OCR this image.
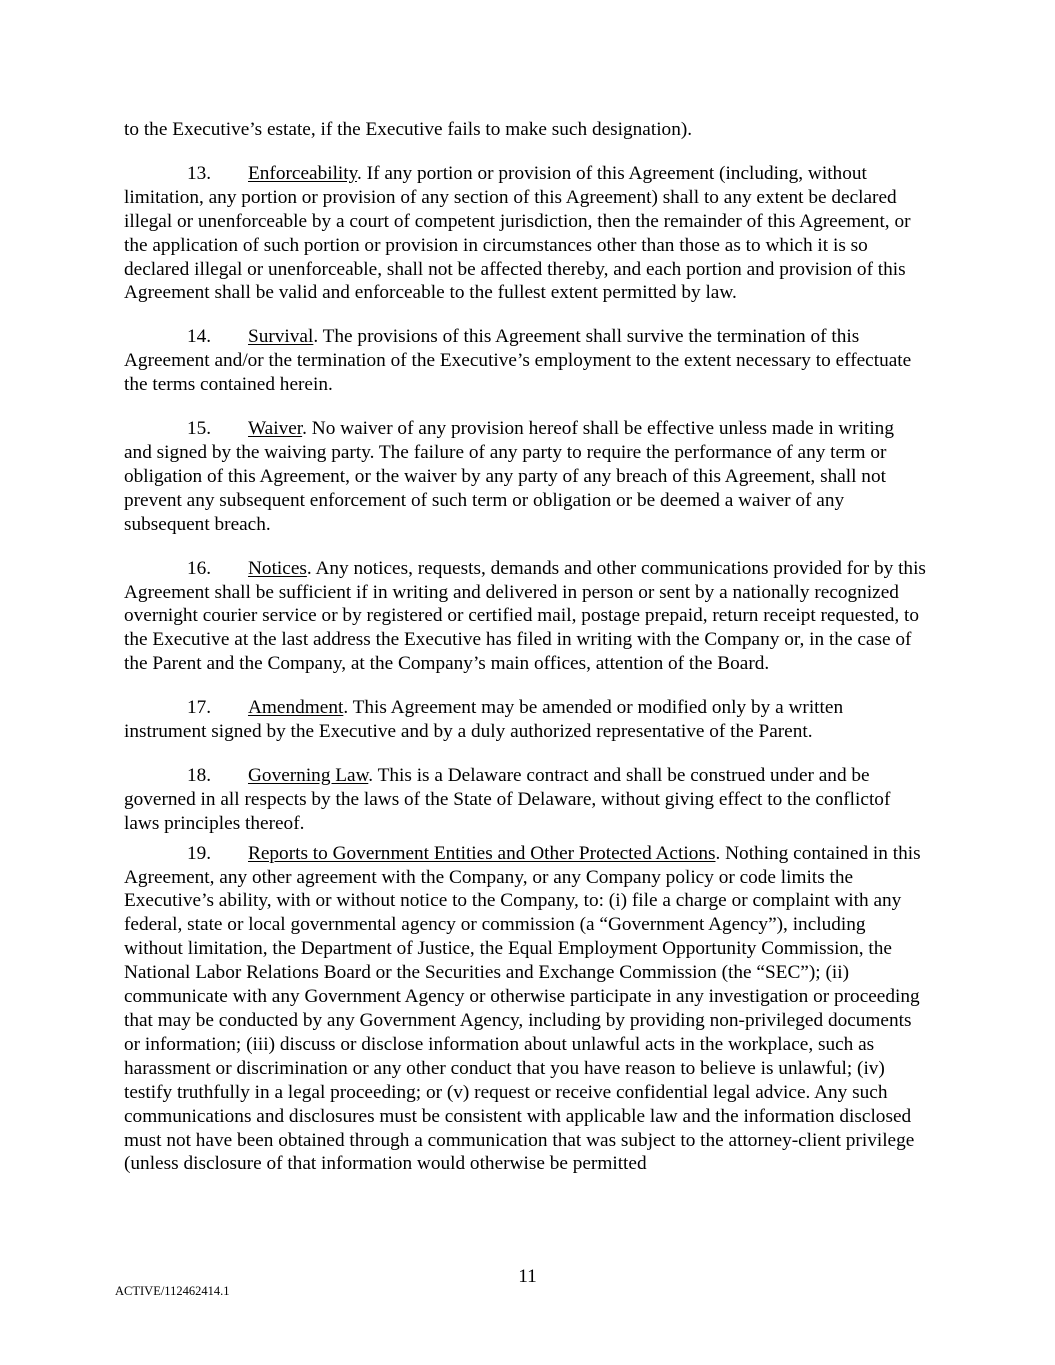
to the Executive’s estate, if the Executive fails to make such designation).

13. Enforceability. If any portion or provision of this Agreement (including, without limitation, any portion or provision of any section of this Agreement) shall to any extent be declared illegal or unenforceable by a court of competent jurisdiction, then the remainder of this Agreement, or the application of such portion or provision in circumstances other than those as to which it is so declared illegal or unenforceable, shall not be affected thereby, and each portion and provision of this Agreement shall be valid and enforceable to the fullest extent permitted by law.

14. Survival. The provisions of this Agreement shall survive the termination of this Agreement and/or the termination of the Executive’s employment to the extent necessary to effectuate the terms contained herein.

15. Waiver. No waiver of any provision hereof shall be effective unless made in writing and signed by the waiving party. The failure of any party to require the performance of any term or obligation of this Agreement, or the waiver by any party of any breach of this Agreement, shall not prevent any subsequent enforcement of such term or obligation or be deemed a waiver of any subsequent breach.

16. Notices. Any notices, requests, demands and other communications provided for by this Agreement shall be sufficient if in writing and delivered in person or sent by a nationally recognized overnight courier service or by registered or certified mail, postage prepaid, return receipt requested, to the Executive at the last address the Executive has filed in writing with the Company or, in the case of the Parent and the Company, at the Company’s main offices, attention of the Board.

17. Amendment. This Agreement may be amended or modified only by a written instrument signed by the Executive and by a duly authorized representative of the Parent.

18. Governing Law. This is a Delaware contract and shall be construed under and be governed in all respects by the laws of the State of Delaware, without giving effect to the conflictof laws principles thereof.

19. Reports to Government Entities and Other Protected Actions. Nothing contained in this Agreement, any other agreement with the Company, or any Company policy or code limits the Executive’s ability, with or without notice to the Company, to: (i) file a charge or complaint with any federal, state or local governmental agency or commission (a “Government Agency”), including without limitation, the Department of Justice, the Equal Employment Opportunity Commission, the National Labor Relations Board or the Securities and Exchange Commission (the “SEC”); (ii) communicate with any Government Agency or otherwise participate in any investigation or proceeding that may be conducted by any Government Agency, including by providing non-privileged documents or information; (iii) discuss or disclose information about unlawful acts in the workplace, such as harassment or discrimination or any other conduct that you have reason to believe is unlawful; (iv) testify truthfully in a legal proceeding; or (v) request or receive confidential legal advice. Any such communications and disclosures must be consistent with applicable law and the information disclosed must not have been obtained through a communication that was subject to the attorney-client privilege (unless disclosure of that information would otherwise be permitted

11
ACTIVE/112462414.1
